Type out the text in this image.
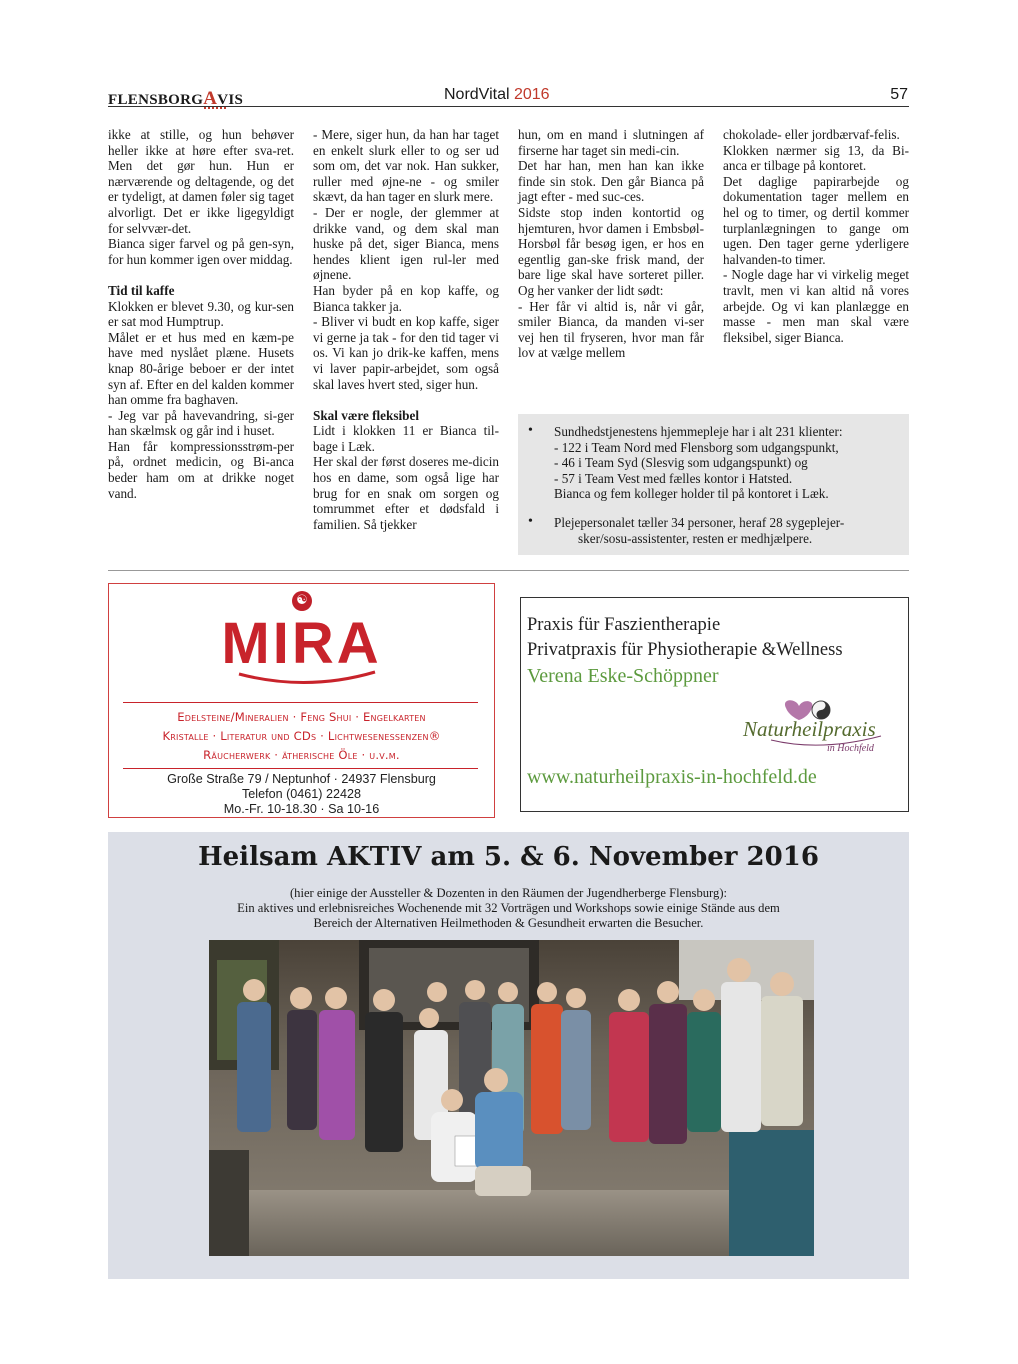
FLENSBORGAVIS	NordVital 2016	57

ikke at stille, og hun behøver heller ikke at høre efter sva-ret. Men det gør hun. Hun er nærværende og deltagende, og det er tydeligt, at damen føler sig taget alvorligt. Det er ikke ligegyldigt for selvvær-det.
Bianca siger farvel og på gen-syn, for hun kommer igen over middag.

Tid til kaffe

Klokken er blevet 9.30, og kur-sen er sat mod Humptrup.
Målet er et hus med en kæm-pe have med nyslået plæne. Husets knap 80-årige beboer er der intet syn af. Efter en del kalden kommer han omme fra baghaven.
- Jeg var på havevandring, si-ger han skælmsk og går ind i huset.
Han får kompressionsstrøm-per på, ordnet medicin, og Bi-anca beder ham om at drikke noget vand.

- Mere, siger hun, da han har taget en enkelt slurk eller to og ser ud som om, det var nok. Han sukker, ruller med øjne-ne - og smiler skævt, da han tager en slurk mere.
- Der er nogle, der glemmer at drikke vand, og dem skal man huske på det, siger Bianca, mens hendes klient igen rul-ler med øjnene.
Han byder på en kop kaffe, og Bianca takker ja.
- Bliver vi budt en kop kaffe, siger vi gerne ja tak - for den tid tager vi os. Vi kan jo drik-ke kaffen, mens vi laver papir-arbejdet, som også skal laves hvert sted, siger hun.

Skal være fleksibel

Lidt i klokken 11 er Bianca til-bage i Læk.
Her skal der først doseres me-dicin hos en dame, som også lige har brug for en snak om sorgen og tomrummet efter et dødsfald i familien. Så tjekker

hun, om en mand i slutningen af firserne har taget sin medi-cin.
Det har han, men han kan ikke finde sin stok. Den går Bianca på jagt efter - med suc-ces.
Sidste stop inden kontortid og hjemturen, hvor damen i Embsbøl-Horsbøl får besøg igen, er hos en egentlig gan-ske frisk mand, der bare lige skal have sorteret piller. Og her vanker der lidt sødt:
- Her får vi altid is, når vi går, smiler Bianca, da manden vi-ser vej hen til fryseren, hvor man får lov at vælge mellem

chokolade- eller jordbærvaf-felis.
Klokken nærmer sig 13, da Bi-anca er tilbage på kontoret.
Det daglige papirarbejde og dokumentation tager mellem en hel og to timer, og dertil kommer turplanlægningen to gange om ugen. Den tager gerne yderligere halvanden-to timer.
- Nogle dage har vi virkelig meget travlt, men vi kan altid nå vores arbejde. Og vi kan planlægge en masse - men man skal være fleksibel, siger Bianca.

• Sundhedstjenestens hjemmepleje har i alt 231 klienter:
- 122 i Team Nord med Flensborg som udgangspunkt,
- 46 i Team Syd (Slesvig som udgangspunkt) og
- 57 i Team Vest med fælles kontor i Hatsted.
Bianca og fem kolleger holder til på kontoret i Læk.
• Plejepersonalet tæller 34 personer, heraf 28 sygeplejer-
sker/sosu-assistenter, resten er medhjælpere.
☯
MIRA
Edelsteine/Mineralien · Feng Shui · Engelkarten
Kristalle · Literatur und CDs · Lichtwesenessenzen®
Räucherwerk · ätherische Öle · u.v.m.
Große Straße 79 / Neptunhof · 24937 Flensburg
Telefon (0461) 22428
Mo.-Fr. 10-18.30 · Sa 10-16
Praxis für Faszientherapie
Privatpraxis für Physiotherapie &Wellness
Verena Eske-Schöppner
Naturheilpraxis
in Hochfeld
www.naturheilpraxis-in-hochfeld.de
Heilsam AKTIV am 5. & 6. November 2016
(hier einige der Aussteller & Dozenten in den Räumen der Jugendherberge Flensburg):
Ein aktives und erlebnisreiches Wochenende mit 32 Vorträgen und Workshops sowie einige Stände aus dem
Bereich der Alternativen Heilmethoden & Gesundheit erwarten die Besucher.
